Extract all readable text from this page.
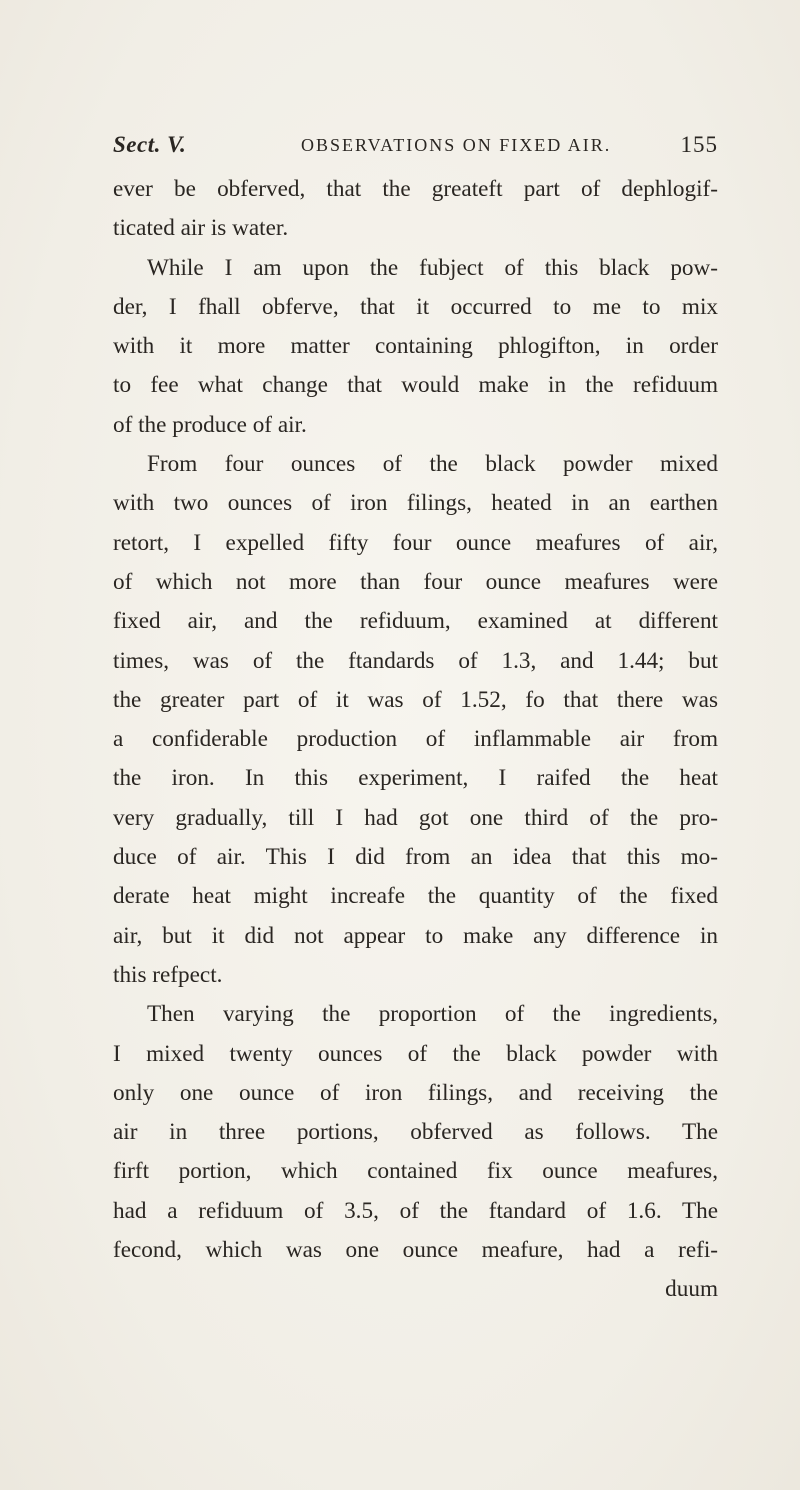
Sect. V.	OBSERVATIONS ON FIXED AIR.	155
ever be obferved, that the greateft part of dephlogif-
ticated air is water.
While I am upon the fubject of this black pow-
der, I fhall obferve, that it occurred to me to mix
with it more matter containing phlogifton, in order
to fee what change that would make in the refiduum
of the produce of air.
From four ounces of the black powder mixed
with two ounces of iron filings, heated in an earthen
retort, I expelled fifty four ounce meafures of air,
of which not more than four ounce meafures were
fixed air, and the refiduum, examined at different
times, was of the ftandards of 1.3, and 1.44; but
the greater part of it was of 1.52, fo that there was
a confiderable production of inflammable air from
the iron. In this experiment, I raifed the heat
very gradually, till I had got one third of the pro-
duce of air. This I did from an idea that this mo-
derate heat might increafe the quantity of the fixed
air, but it did not appear to make any difference in
this refpect.
Then varying the proportion of the ingredients,
I mixed twenty ounces of the black powder with
only one ounce of iron filings, and receiving the
air in three portions, obferved as follows. The
firft portion, which contained fix ounce meafures,
had a refiduum of 3.5, of the ftandard of 1.6. The
fecond, which was one ounce meafure, had a refi-
duum
